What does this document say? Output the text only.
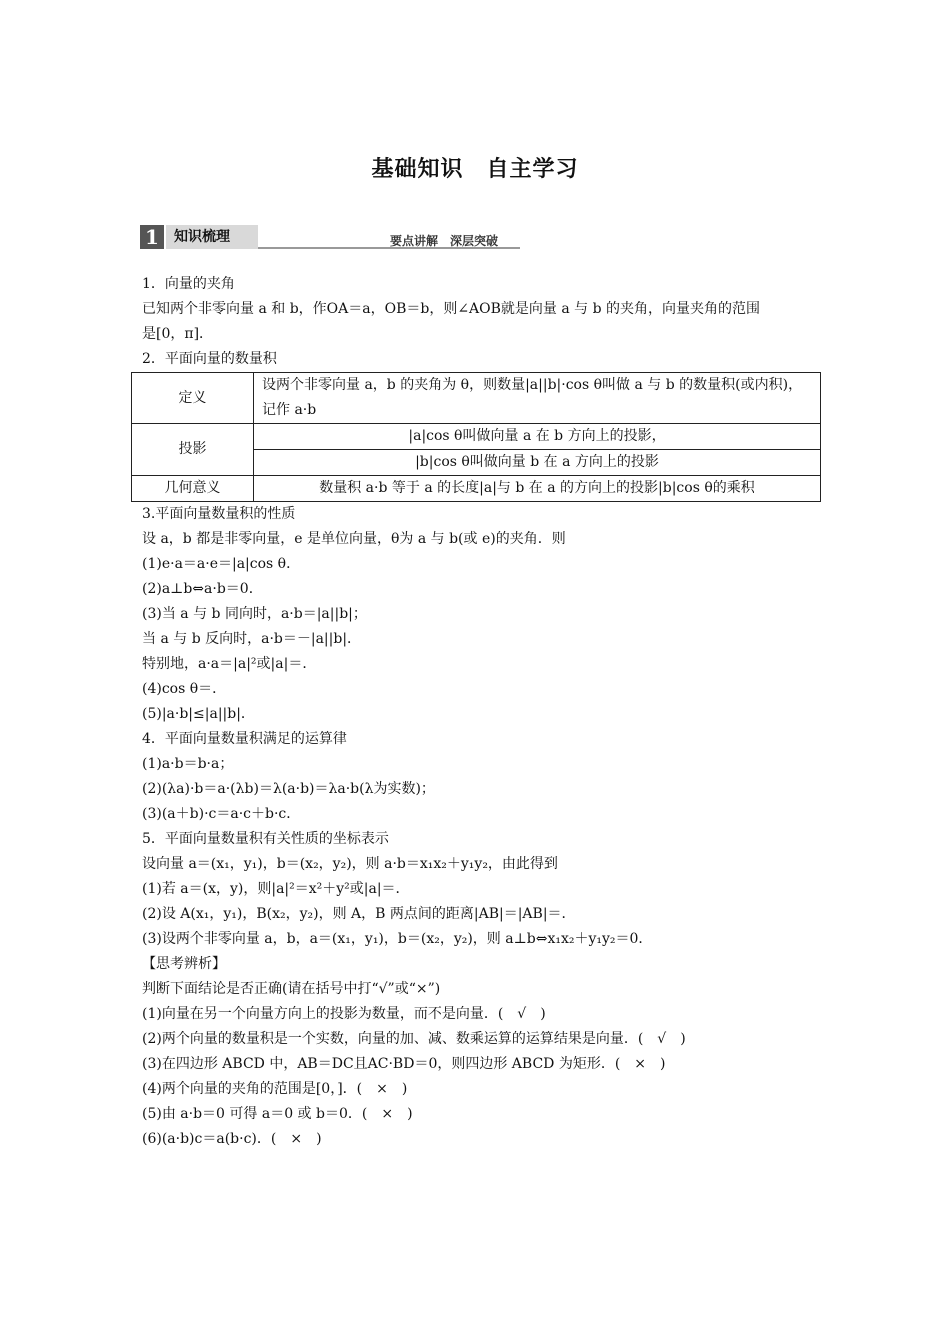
基础知识　自主学习
1	知识梳理	要点讲解　深层突破
1．向量的夹角
已知两个非零向量 a 和 b，作OA＝a，OB＝b，则∠AOB就是向量 a 与 b 的夹角，向量夹角的范围
是[0，π]．
2．平面向量的数量积
定义	设两个非零向量 a，b 的夹角为 θ，则数量|a||b|·cos θ叫做 a 与 b 的数量积(或内积)，记作 a·b
投影	|a|cos θ叫做向量 a 在 b 方向上的投影，
	|b|cos θ叫做向量 b 在 a 方向上的投影
几何意义	数量积 a·b 等于 a 的长度|a|与 b 在 a 的方向上的投影|b|cos θ的乘积
3.平面向量数量积的性质
设 a，b 都是非零向量，e 是单位向量，θ为 a 与 b(或 e)的夹角．则
(1)e·a＝a·e＝|a|cos θ．
(2)a⊥b⇔a·b＝0．
(3)当 a 与 b 同向时，a·b＝|a||b|；
当 a 与 b 反向时，a·b＝－|a||b|．
特别地，a·a＝|a|²或|a|＝．
(4)cos θ＝．
(5)|a·b|≤|a||b|．
4．平面向量数量积满足的运算律
(1)a·b＝b·a；
(2)(λa)·b＝a·(λb)＝λ(a·b)＝λa·b(λ为实数)；
(3)(a＋b)·c＝a·c＋b·c．
5．平面向量数量积有关性质的坐标表示
设向量 a＝(x₁，y₁)，b＝(x₂，y₂)，则 a·b＝x₁x₂＋y₁y₂，由此得到
(1)若 a＝(x，y)，则|a|²＝x²＋y²或|a|＝．
(2)设 A(x₁，y₁)，B(x₂，y₂)，则 A，B 两点间的距离|AB|＝|AB|＝．
(3)设两个非零向量 a，b，a＝(x₁，y₁)，b＝(x₂，y₂)，则 a⊥b⇔x₁x₂＋y₁y₂＝0．
【思考辨析】
判断下面结论是否正确(请在括号中打“√”或“×”)
(1)向量在另一个向量方向上的投影为数量，而不是向量．(　√　)
(2)两个向量的数量积是一个实数，向量的加、减、数乘运算的运算结果是向量．(　√　)
(3)在四边形 ABCD 中，AB＝DC且AC·BD＝0，则四边形 ABCD 为矩形．(　×　)
(4)两个向量的夹角的范围是[0，]．(　×　)
(5)由 a·b＝0 可得 a＝0 或 b＝0．(　×　)
(6)(a·b)c＝a(b·c)．(　×　)
